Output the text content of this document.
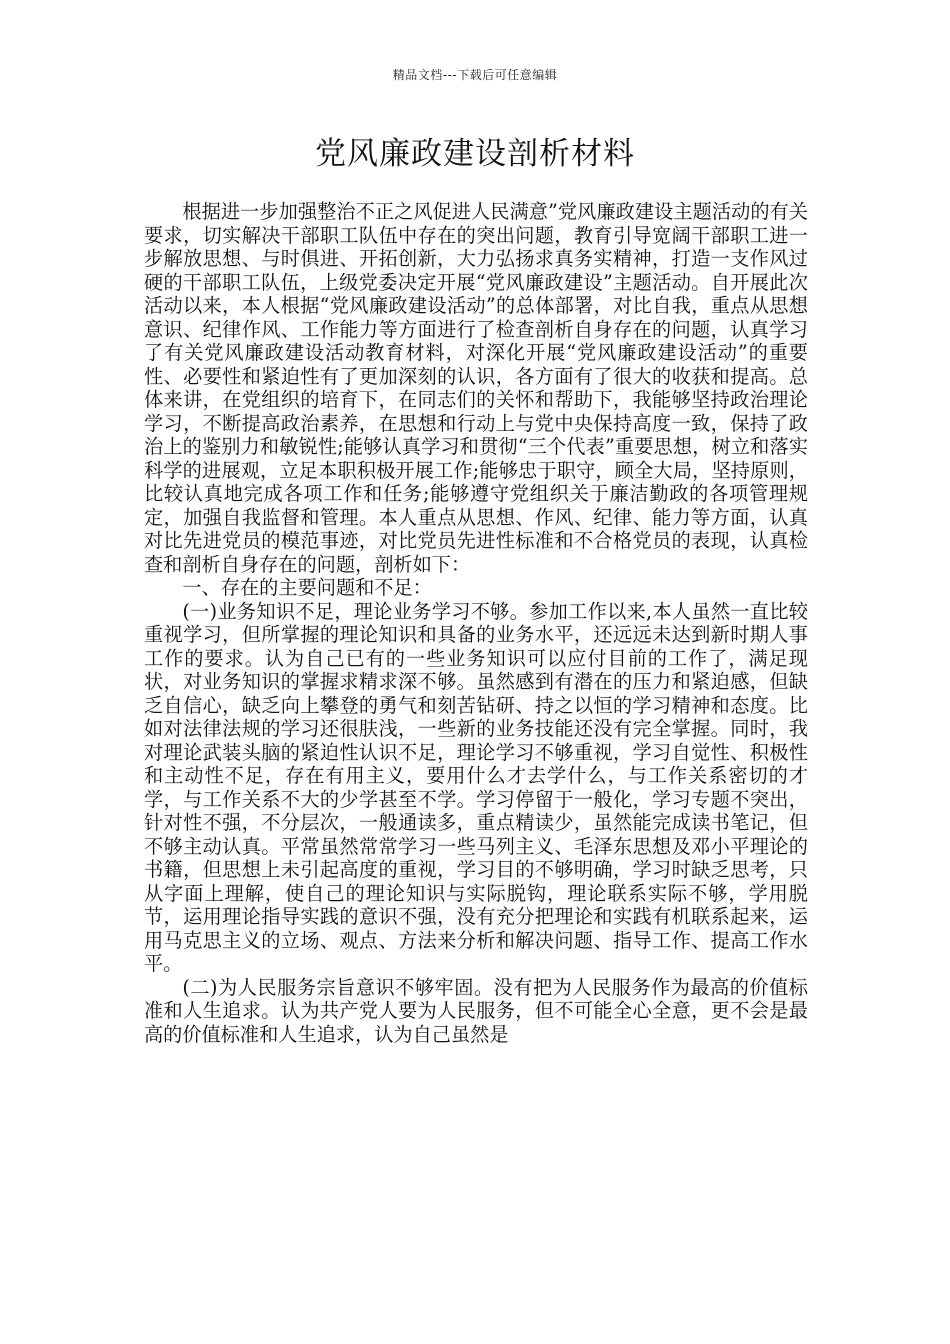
精品文档---下载后可任意编辑
党风廉政建设剖析材料

根据进一步加强整治不正之风促进人民满意”党风廉政建设主题活动的有关要求，切实解决干部职工队伍中存在的突出问题，教育引导宽阔干部职工进一步解放思想、与时俱进、开拓创新，大力弘扬求真务实精神，打造一支作风过硬的干部职工队伍，上级党委决定开展“党风廉政建设”主题活动。自开展此次活动以来，本人根据“党风廉政建设活动”的总体部署，对比自我，重点从思想意识、纪律作风、工作能力等方面进行了检查剖析自身存在的问题，认真学习了有关党风廉政建设活动教育材料，对深化开展“党风廉政建设活动”的重要性、必要性和紧迫性有了更加深刻的认识，各方面有了很大的收获和提高。总体来讲，在党组织的培育下，在同志们的关怀和帮助下，我能够坚持政治理论学习，不断提高政治素养，在思想和行动上与党中央保持高度一致，保持了政治上的鉴别力和敏锐性;能够认真学习和贯彻“三个代表”重要思想，树立和落实科学的进展观，立足本职积极开展工作;能够忠于职守，顾全大局，坚持原则，比较认真地完成各项工作和任务;能够遵守党组织关于廉洁勤政的各项管理规定，加强自我监督和管理。本人重点从思想、作风、纪律、能力等方面，认真对比先进党员的模范事迹，对比党员先进性标准和不合格党员的表现，认真检查和剖析自身存在的问题，剖析如下：

一、存在的主要问题和不足：

(一)业务知识不足，理论业务学习不够。参加工作以来,本人虽然一直比较重视学习，但所掌握的理论知识和具备的业务水平，还远远未达到新时期人事工作的要求。认为自己已有的一些业务知识可以应付目前的工作了，满足现状，对业务知识的掌握求精求深不够。虽然感到有潜在的压力和紧迫感，但缺乏自信心，缺乏向上攀登的勇气和刻苦钻研、持之以恒的学习精神和态度。比如对法律法规的学习还很肤浅，一些新的业务技能还没有完全掌握。同时，我对理论武装头脑的紧迫性认识不足，理论学习不够重视，学习自觉性、积极性和主动性不足，存在有用主义，要用什么才去学什么，与工作关系密切的才学，与工作关系不大的少学甚至不学。学习停留于一般化，学习专题不突出，针对性不强，不分层次，一般通读多，重点精读少，虽然能完成读书笔记，但不够主动认真。平常虽然常常学习一些马列主义、毛泽东思想及邓小平理论的书籍，但思想上未引起高度的重视，学习目的不够明确，学习时缺乏思考，只从字面上理解，使自己的理论知识与实际脱钩，理论联系实际不够，学用脱节，运用理论指导实践的意识不强，没有充分把理论和实践有机联系起来，运用马克思主义的立场、观点、方法来分析和解决问题、指导工作、提高工作水平。

(二)为人民服务宗旨意识不够牢固。没有把为人民服务作为最高的价值标准和人生追求。认为共产党人要为人民服务，但不可能全心全意，更不会是最高的价值标准和人生追求，认为自己虽然是
